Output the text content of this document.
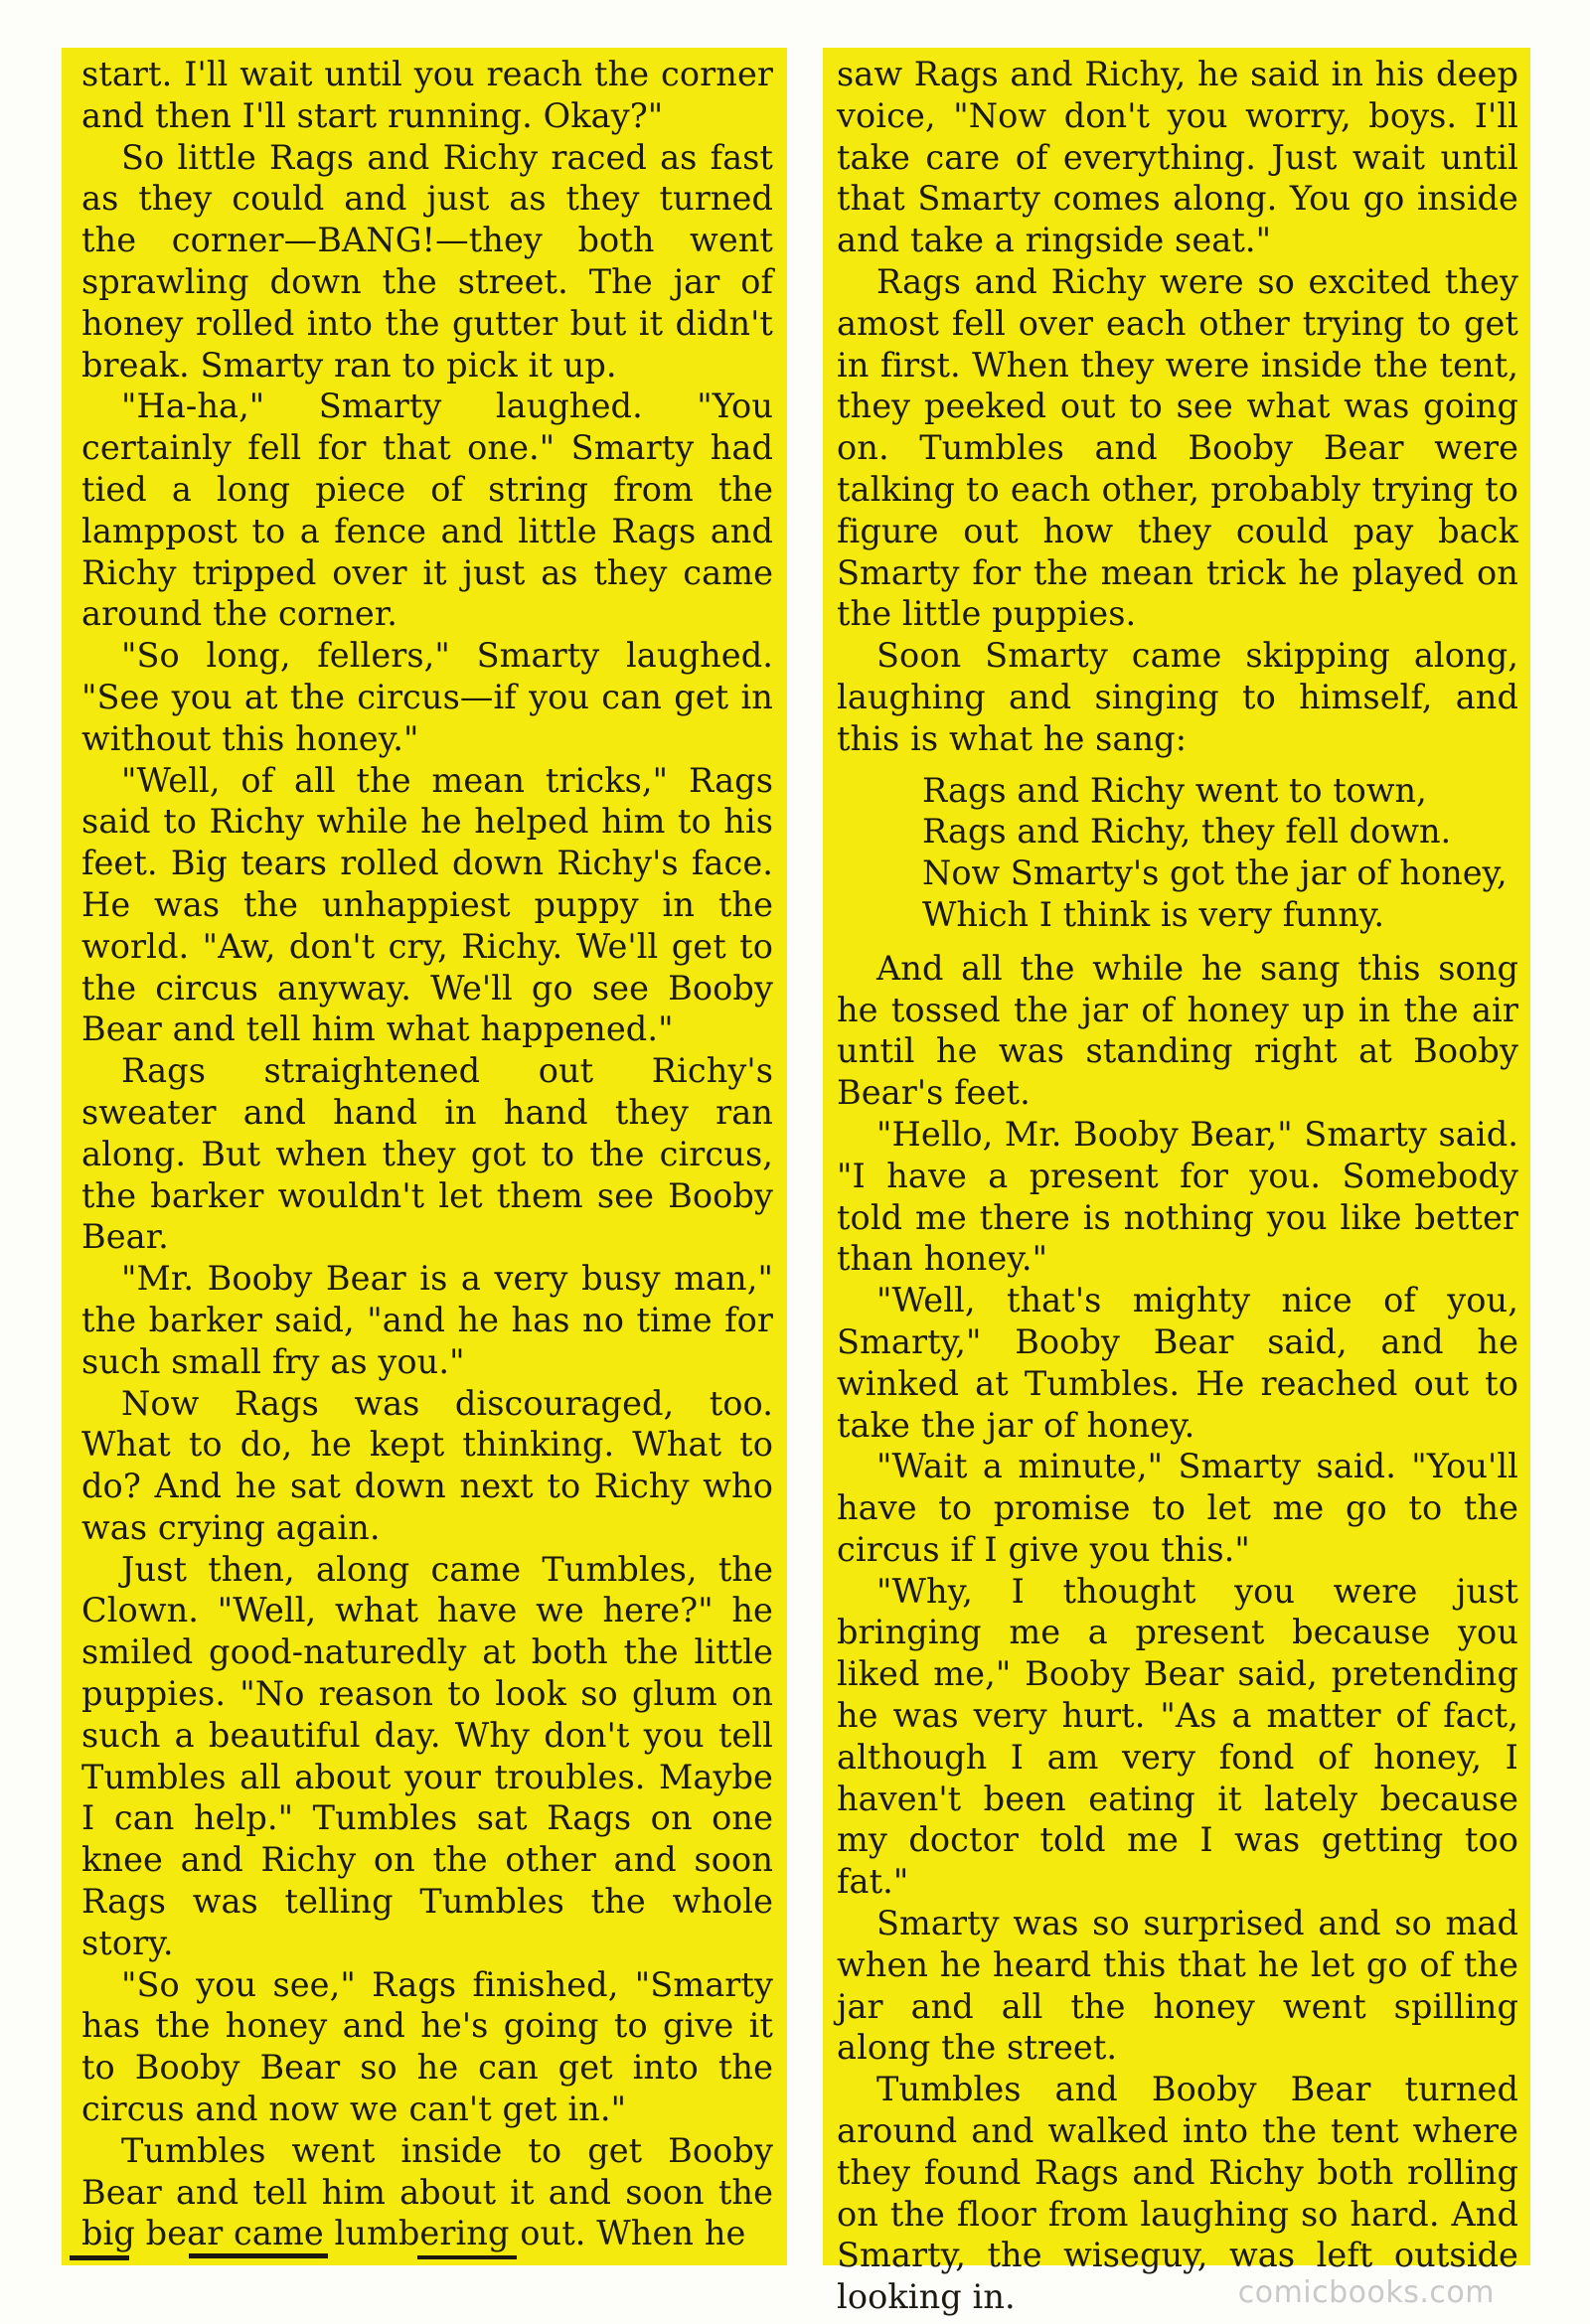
start. I'll wait until you reach the corner and then I'll start running. Okay?"

So little Rags and Richy raced as fast as they could and just as they turned the corner—BANG!—they both went sprawling down the street. The jar of honey rolled into the gutter but it didn't break. Smarty ran to pick it up.

"Ha-ha," Smarty laughed. "You certainly fell for that one." Smarty had tied a long piece of string from the lamppost to a fence and little Rags and Richy tripped over it just as they came around the corner.

"So long, fellers," Smarty laughed. "See you at the circus—if you can get in without this honey."

"Well, of all the mean tricks," Rags said to Richy while he helped him to his feet. Big tears rolled down Richy's face. He was the unhappiest puppy in the world. "Aw, don't cry, Richy. We'll get to the circus anyway. We'll go see Booby Bear and tell him what happened."

Rags straightened out Richy's sweater and hand in hand they ran along. But when they got to the circus, the barker wouldn't let them see Booby Bear.

"Mr. Booby Bear is a very busy man," the barker said, "and he has no time for such small fry as you."

Now Rags was discouraged, too. What to do, he kept thinking. What to do? And he sat down next to Richy who was crying again.

Just then, along came Tumbles, the Clown. "Well, what have we here?" he smiled good-naturedly at both the little puppies. "No reason to look so glum on such a beautiful day. Why don't you tell Tumbles all about your troubles. Maybe I can help." Tumbles sat Rags on one knee and Richy on the other and soon Rags was telling Tumbles the whole story.

"So you see," Rags finished, "Smarty has the honey and he's going to give it to Booby Bear so he can get into the circus and now we can't get in."

Tumbles went inside to get Booby Bear and tell him about it and soon the big bear came lumbering out. When he

saw Rags and Richy, he said in his deep voice, "Now don't you worry, boys. I'll take care of everything. Just wait until that Smarty comes along. You go inside and take a ringside seat."

Rags and Richy were so excited they amost fell over each other trying to get in first. When they were inside the tent, they peeked out to see what was going on. Tumbles and Booby Bear were talking to each other, probably trying to figure out how they could pay back Smarty for the mean trick he played on the little puppies.

Soon Smarty came skipping along, laughing and singing to himself, and this is what he sang:

Rags and Richy went to town,
Rags and Richy, they fell down.
Now Smarty's got the jar of honey,
Which I think is very funny.

And all the while he sang this song he tossed the jar of honey up in the air until he was standing right at Booby Bear's feet.

"Hello, Mr. Booby Bear," Smarty said. "I have a present for you. Somebody told me there is nothing you like better than honey."

"Well, that's mighty nice of you, Smarty," Booby Bear said, and he winked at Tumbles. He reached out to take the jar of honey.

"Wait a minute," Smarty said. "You'll have to promise to let me go to the circus if I give you this."

"Why, I thought you were just bringing me a present because you liked me," Booby Bear said, pretending he was very hurt. "As a matter of fact, although I am very fond of honey, I haven't been eating it lately because my doctor told me I was getting too fat."

Smarty was so surprised and so mad when he heard this that he let go of the jar and all the honey went spilling along the street.

Tumbles and Booby Bear turned around and walked into the tent where they found Rags and Richy both rolling on the floor from laughing so hard. And Smarty, the wiseguy, was left outside looking in.	comicbooks.com
